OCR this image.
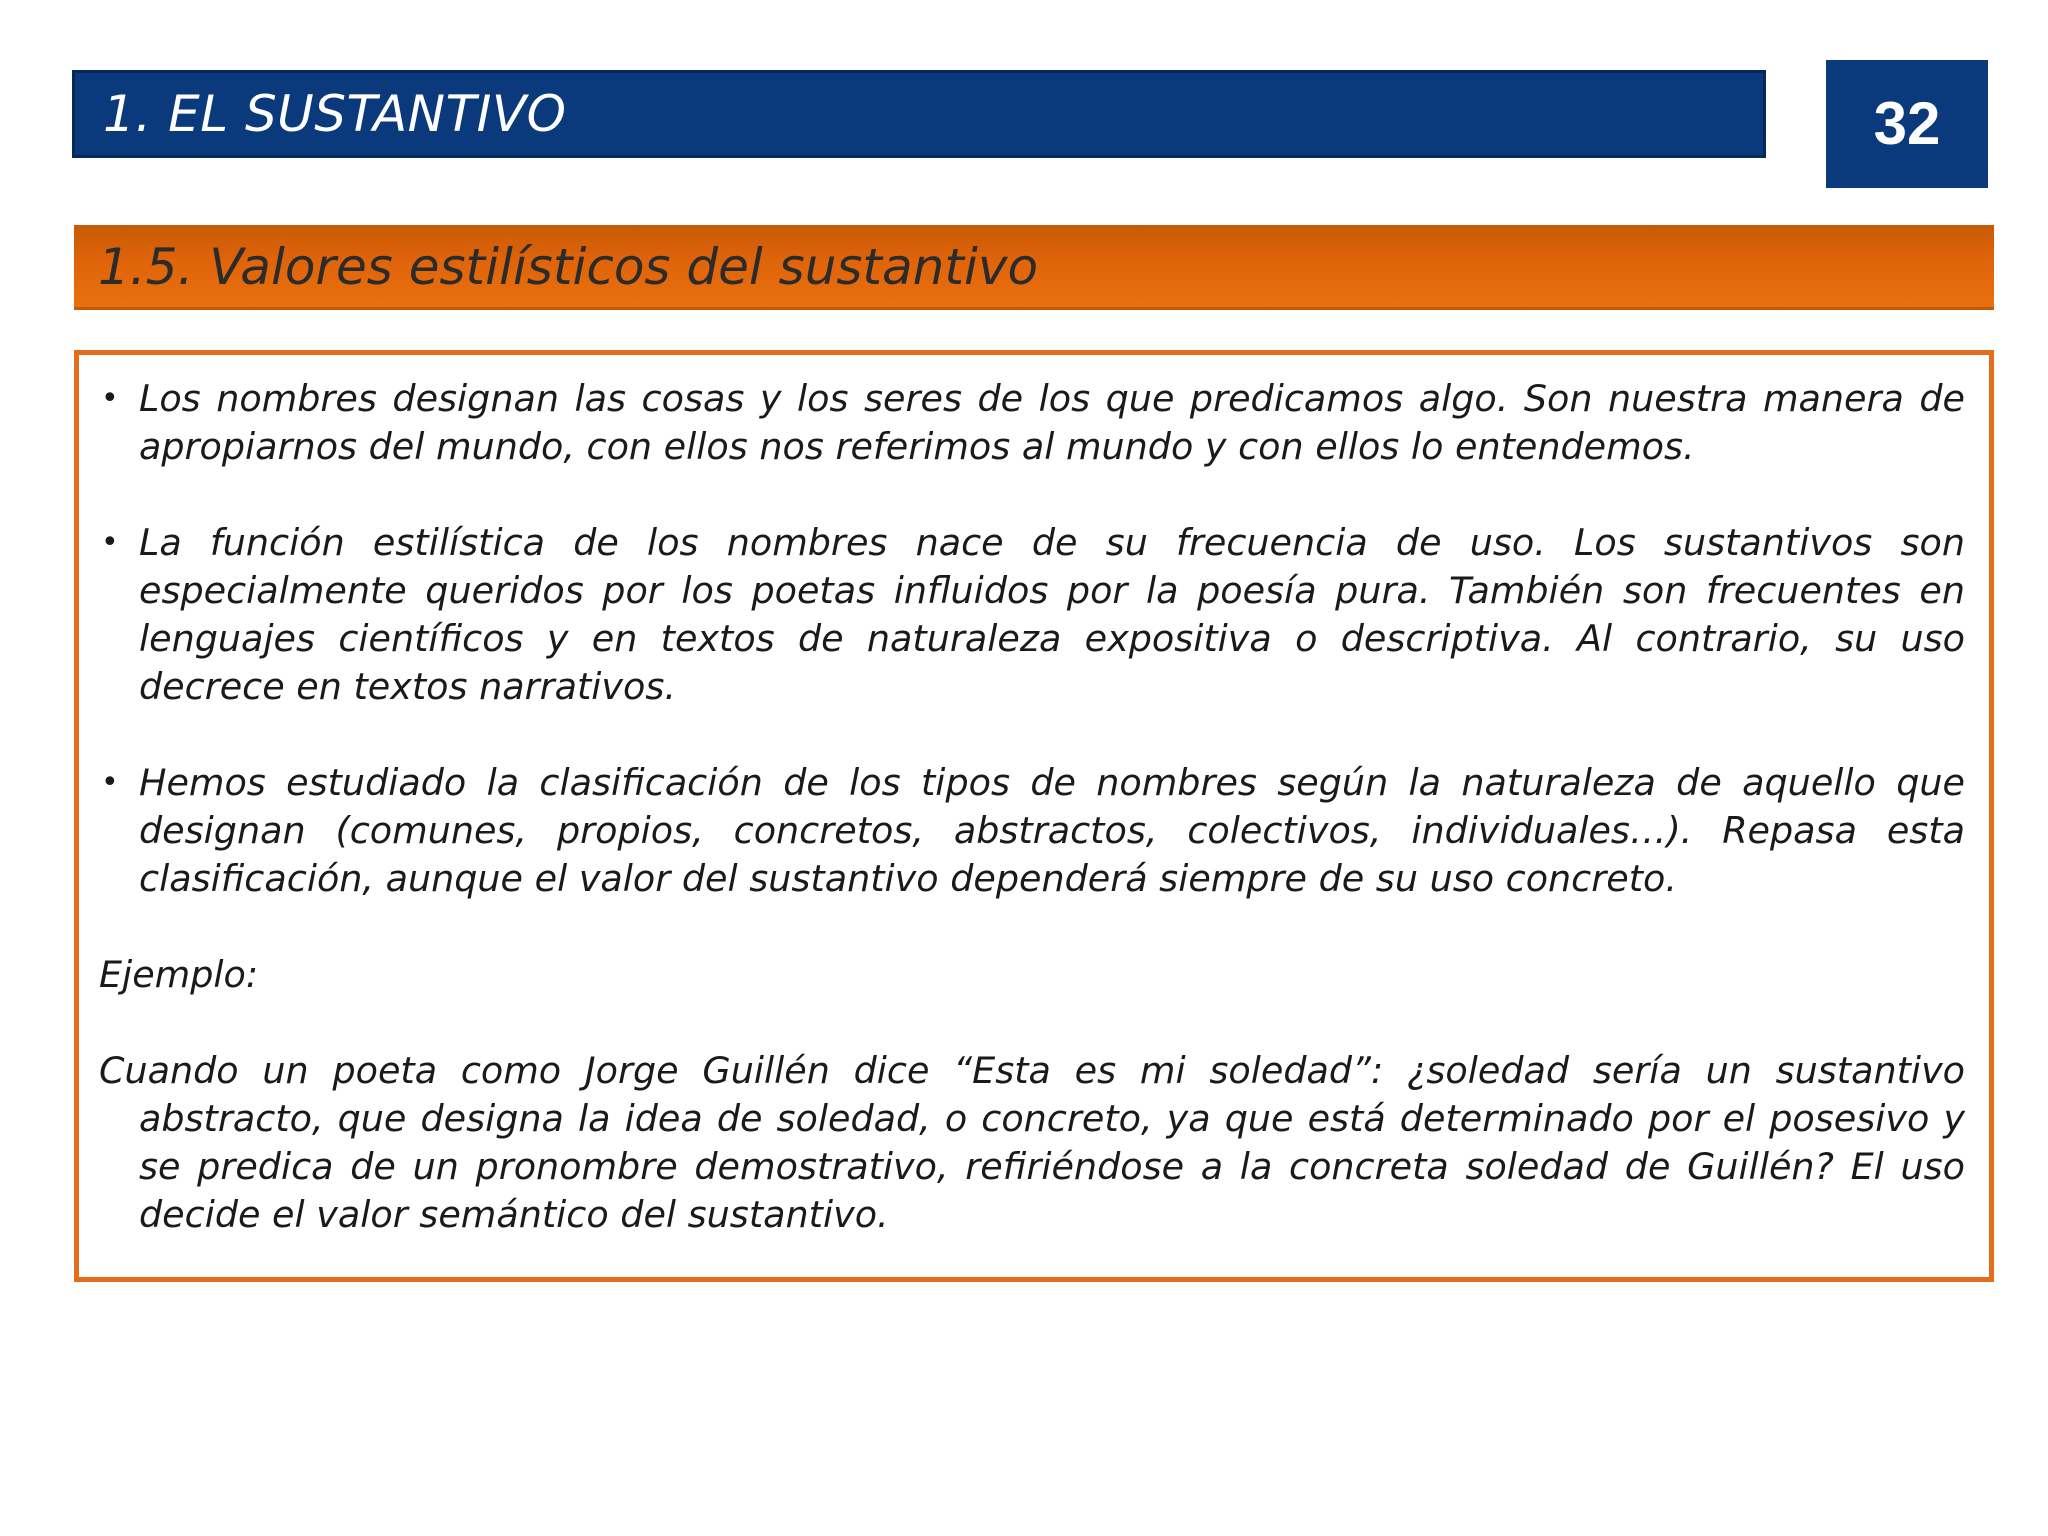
1. EL SUSTANTIVO	32
1.5. Valores estilísticos del sustantivo
• Los nombres designan las cosas y los seres de los que predicamos algo. Son nuestra manera de apropiarnos del mundo, con ellos nos referimos al mundo y con ellos lo entendemos.
• La función estilística de los nombres nace de su frecuencia de uso. Los sustantivos son especialmente queridos por los poetas influidos por la poesía pura. También son frecuentes en lenguajes científicos y en textos de naturaleza expositiva o descriptiva. Al contrario, su uso decrece en textos narrativos.
• Hemos estudiado la clasificación de los tipos de nombres según la naturaleza de aquello que designan (comunes, propios, concretos, abstractos, colectivos, individuales…). Repasa esta clasificación, aunque el valor del sustantivo dependerá siempre de su uso concreto.
Ejemplo:
Cuando un poeta como Jorge Guillén dice “Esta es mi soledad”: ¿soledad sería un sustantivo abstracto, que designa la idea de soledad, o concreto, ya que está determinado por el posesivo y se predica de un pronombre demostrativo, refiriéndose a la concreta soledad de Guillén? El uso decide el valor semántico del sustantivo.
